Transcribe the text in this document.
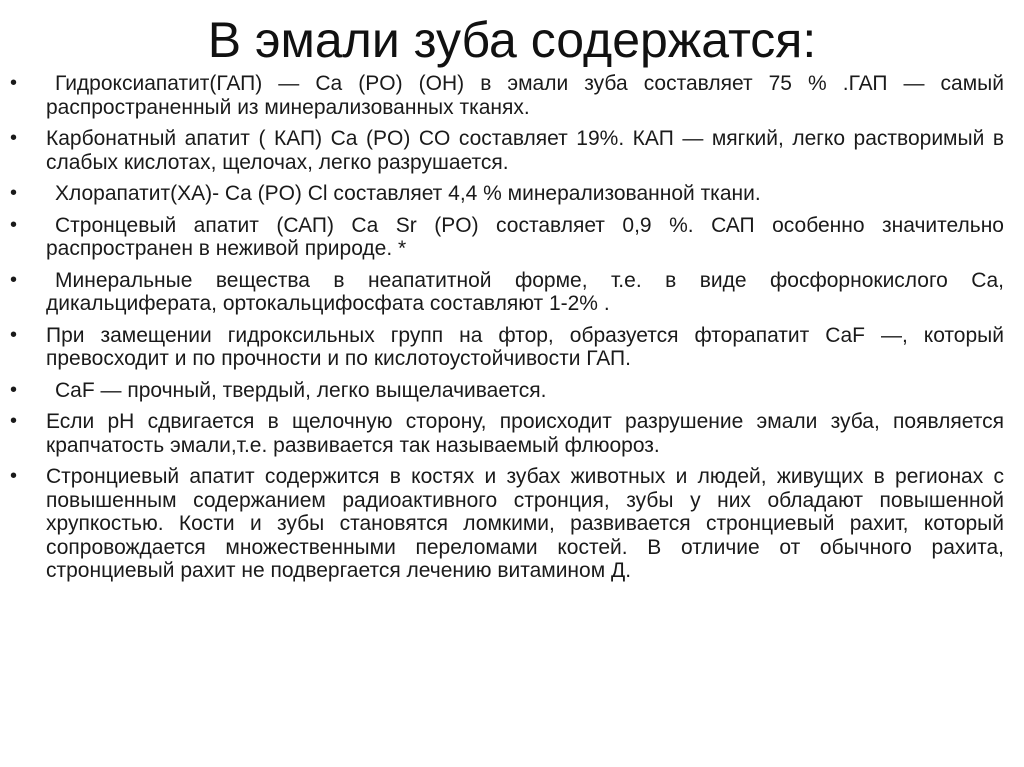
В эмали зуба содержатся:
•	Гидроксиапатит(ГАП) — Ca (PO) (OH) в эмали зуба составляет 75 % .ГАП — самый распространенный из минерализованных тканях.
•	Карбонатный апатит ( КАП) Ca (PO) CO составляет 19%. КАП — мягкий, легко растворимый в слабых кислотах, щелочах, легко разрушается.
•	Хлорапатит(ХА)- Ca (PO) Cl составляет 4,4 % минерализованной ткани.
•	Стронцевый апатит (САП) Ca Sr (PO) составляет 0,9 %. САП особенно значительно распространен в неживой природе. *
•	Минеральные вещества в неапатитной форме, т.е. в виде фосфорнокислого Ca, дикальциферата, ортокальцифосфата составляют 1-2% .
•	При замещении гидроксильных групп на фтор, образуется фторапатит CaF —, который превосходит и по прочности и по кислотоустойчивости ГАП.
•	CaF — прочный, твердый, легко выщелачивается.
•	Если pH сдвигается в щелочную сторону, происходит разрушение эмали зуба, появляется крапчатость эмали,т.е. развивается так называемый флюороз.
•	Стронциевый апатит содержится в костях и зубах животных и людей, живущих в регионах с повышенным содержанием радиоактивного стронция, зубы у них обладают повышенной хрупкостью. Кости и зубы становятся ломкими, развивается стронциевый рахит, который сопровождается множественными переломами костей. В отличие от обычного рахита, стронциевый рахит не подвергается лечению витамином Д.
